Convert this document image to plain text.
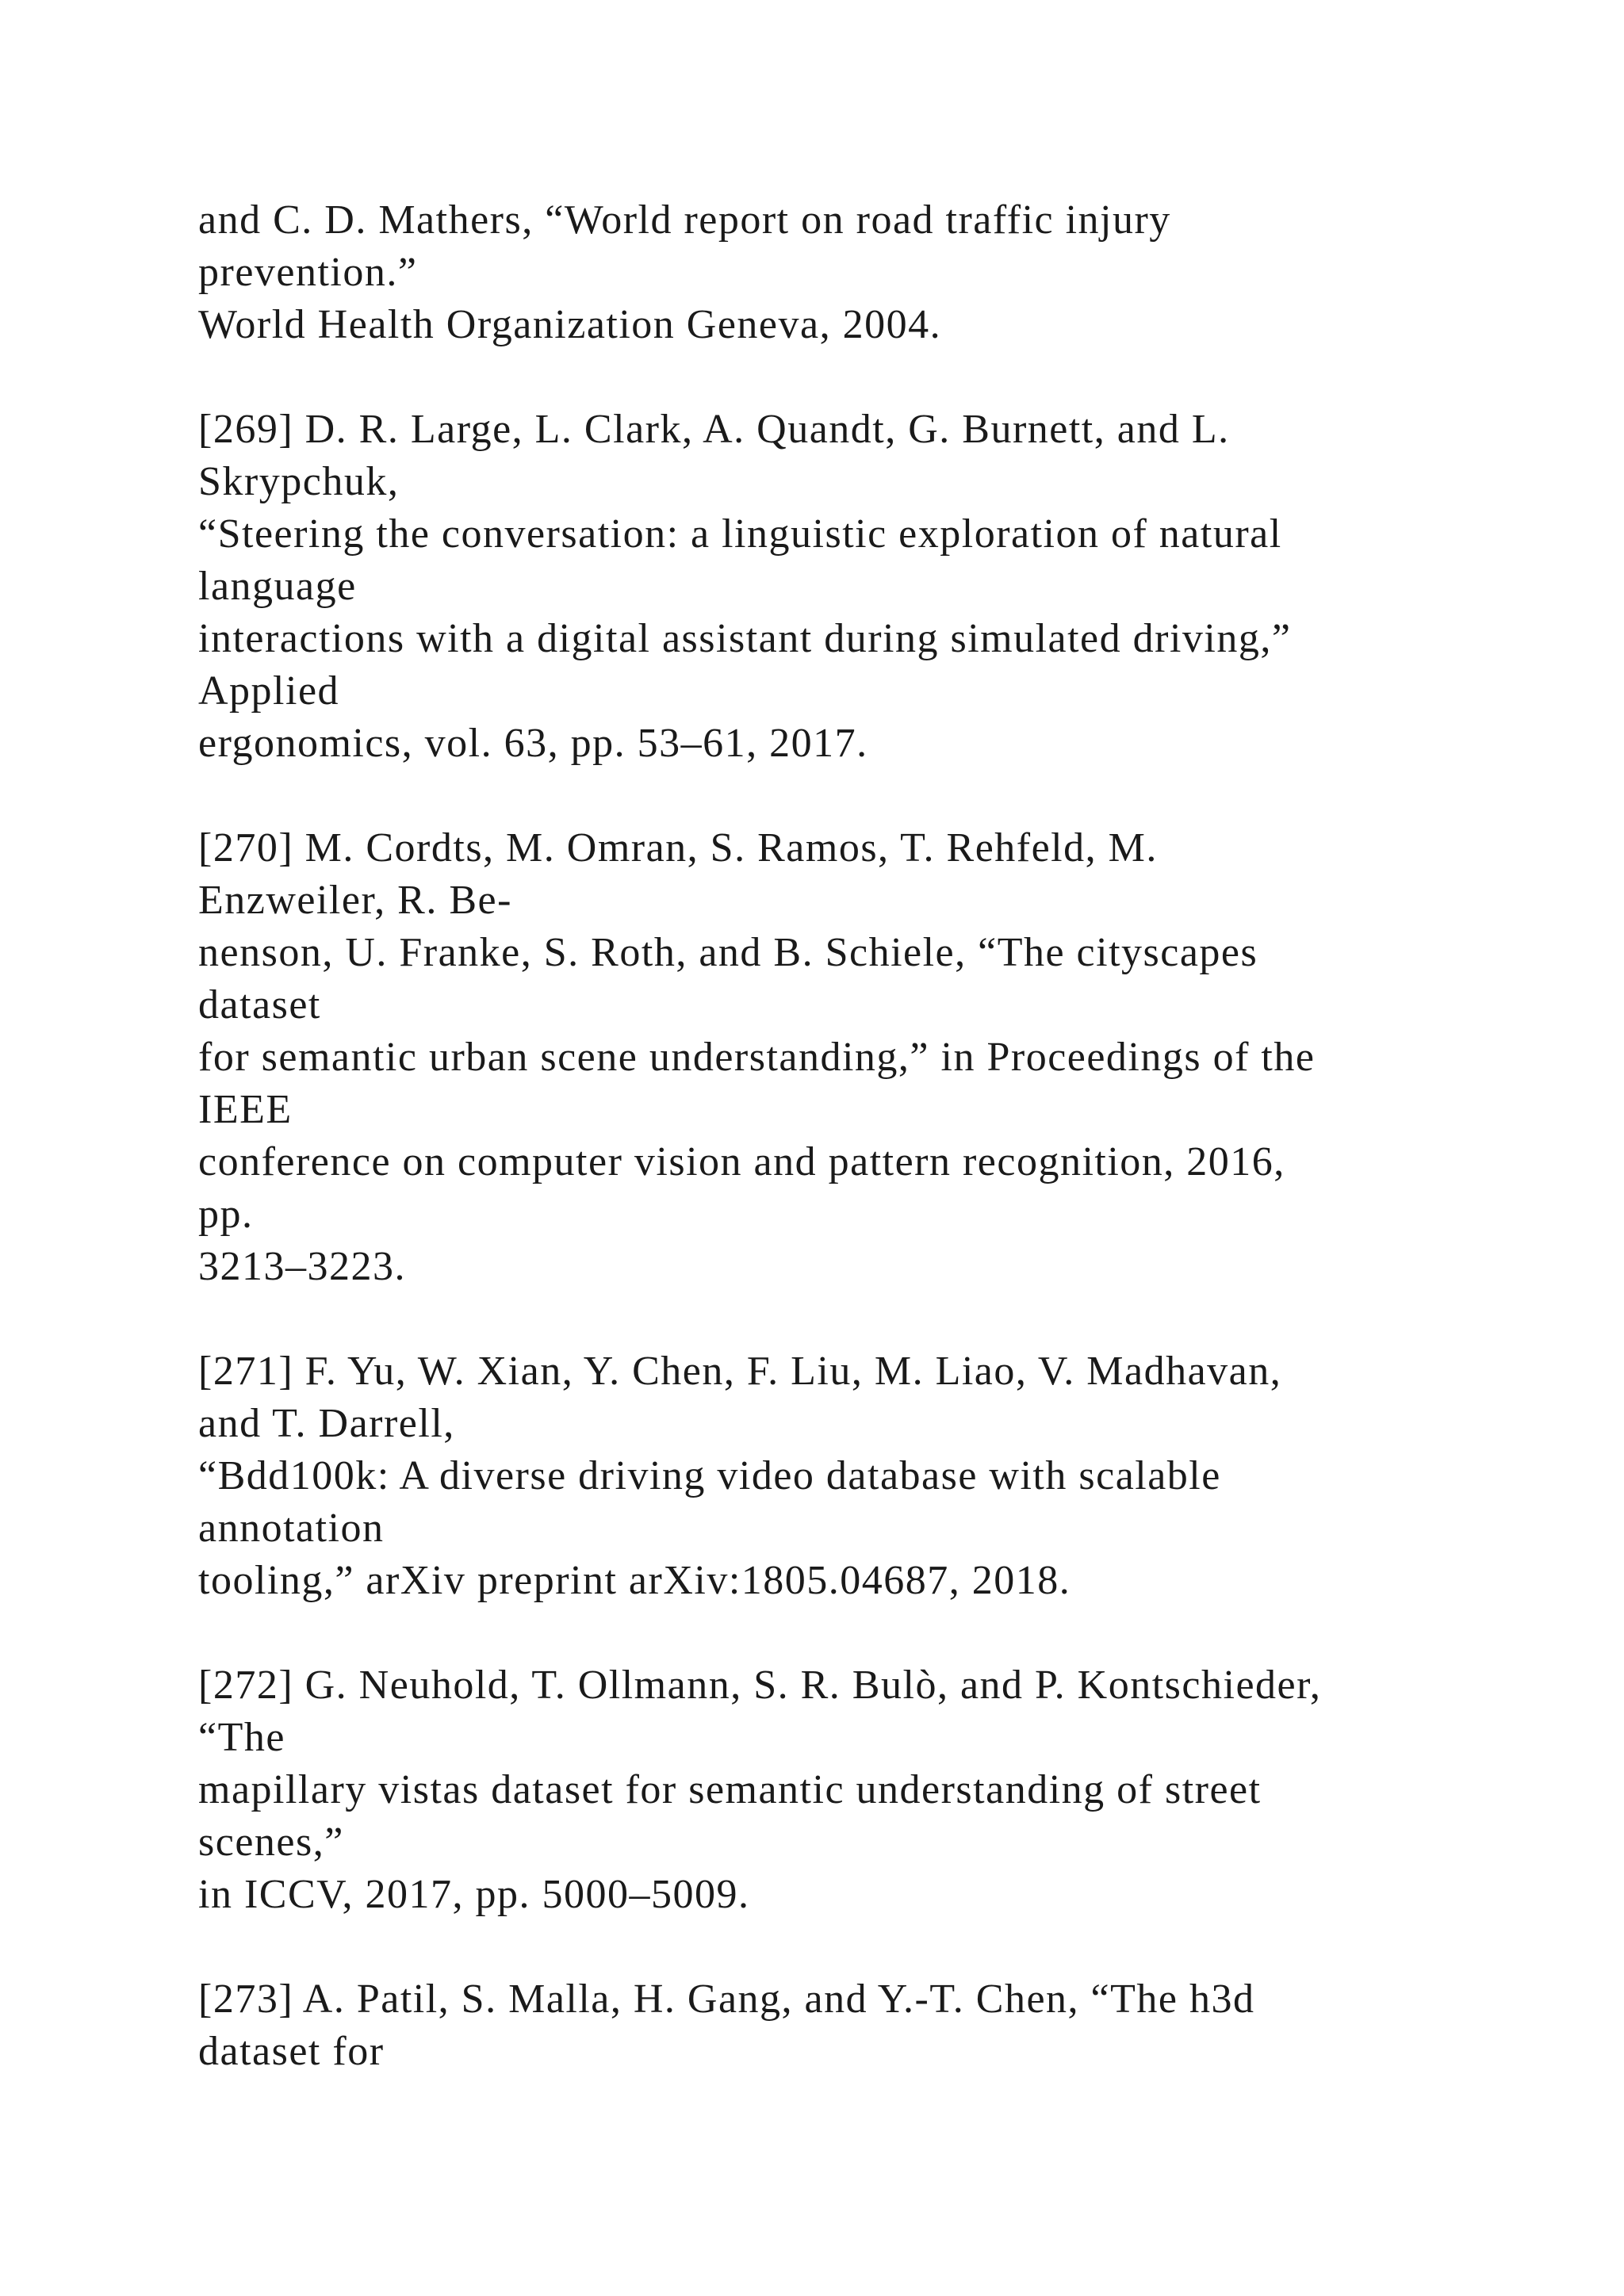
and C. D. Mathers, “World report on road traffic injury
prevention.”
World Health Organization Geneva, 2004.
[269] D. R. Large, L. Clark, A. Quandt, G. Burnett, and L.
Skrypchuk,
“Steering the conversation: a linguistic exploration of natural
language
interactions with a digital assistant during simulated driving,”
Applied
ergonomics, vol. 63, pp. 53–61, 2017.
[270] M. Cordts, M. Omran, S. Ramos, T. Rehfeld, M.
Enzweiler, R. Be-
nenson, U. Franke, S. Roth, and B. Schiele, “The cityscapes
dataset
for semantic urban scene understanding,” in Proceedings of the
IEEE
conference on computer vision and pattern recognition, 2016,
pp.
3213–3223.
[271] F. Yu, W. Xian, Y. Chen, F. Liu, M. Liao, V. Madhavan,
and T. Darrell,
“Bdd100k: A diverse driving video database with scalable
annotation
tooling,” arXiv preprint arXiv:1805.04687, 2018.
[272] G. Neuhold, T. Ollmann, S. R. Bulò, and P. Kontschieder,
“The
mapillary vistas dataset for semantic understanding of street
scenes,”
in ICCV, 2017, pp. 5000–5009.
[273] A. Patil, S. Malla, H. Gang, and Y.-T. Chen, “The h3d
dataset for
